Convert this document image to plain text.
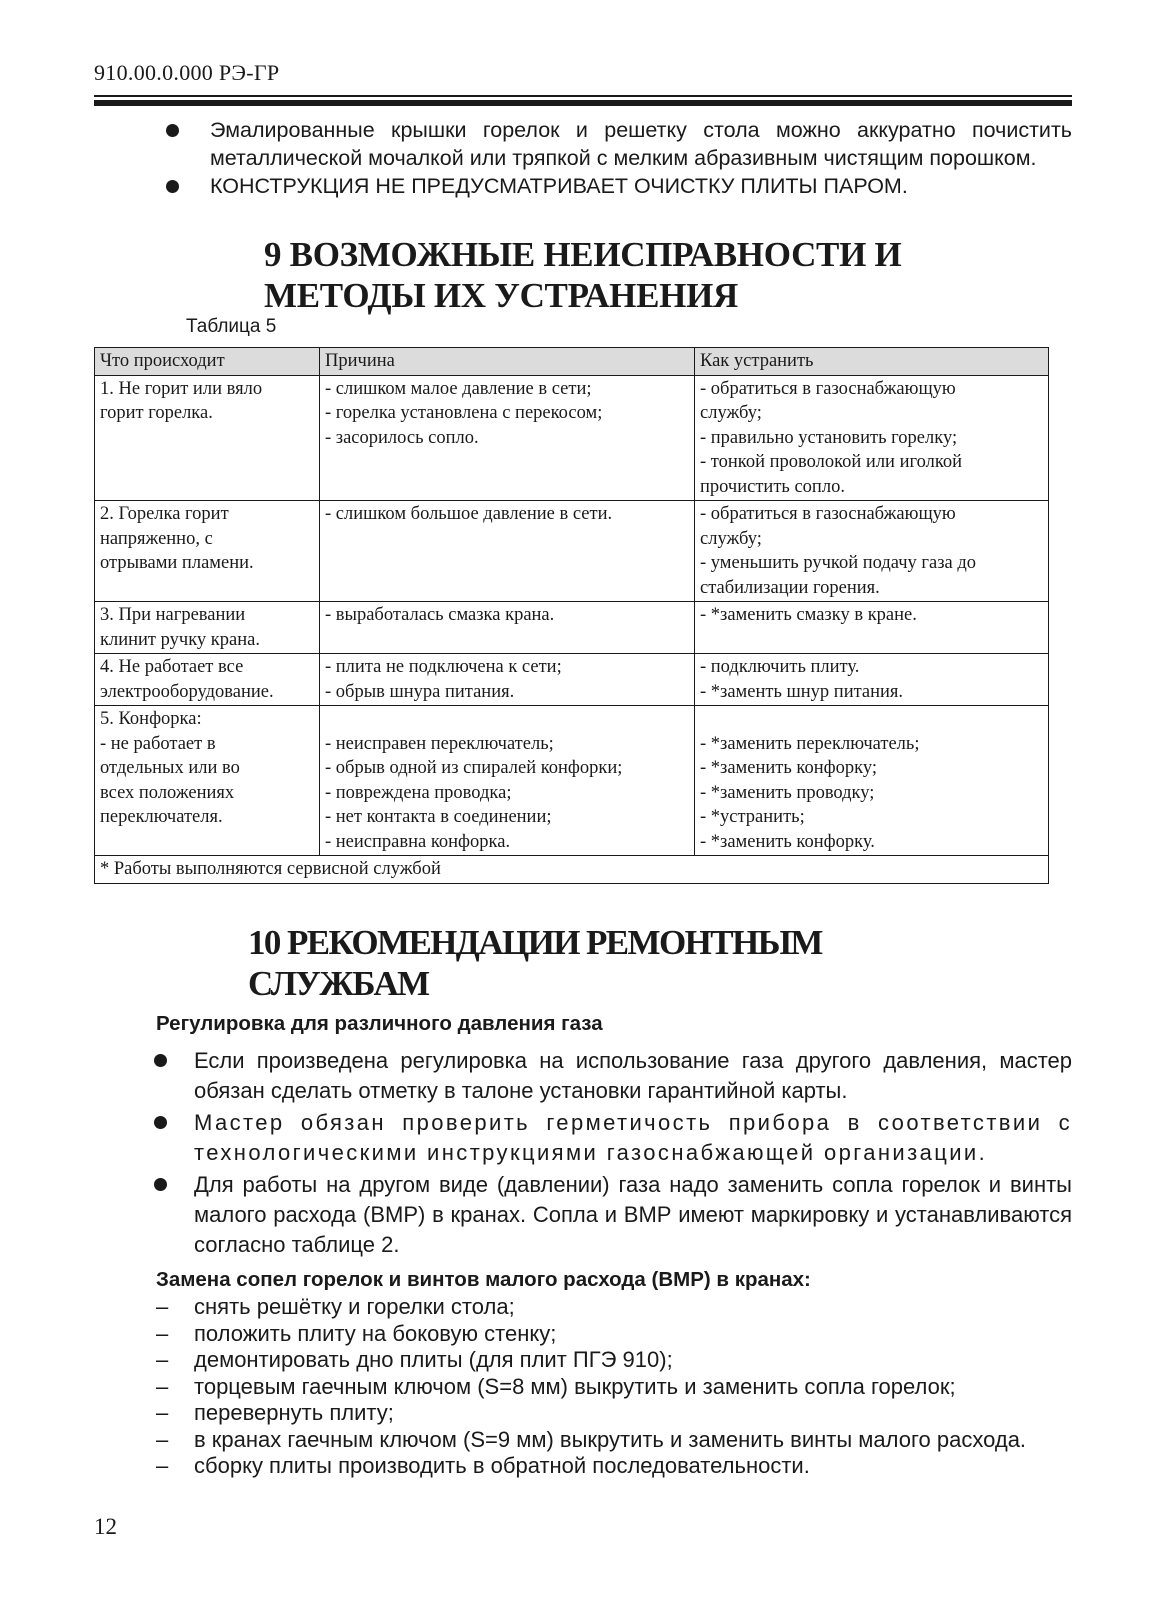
910.00.0.000 РЭ-ГР
Эмалированные крышки горелок и решетку стола можно аккуратно почистить металлической мочалкой или тряпкой с мелким абразивным чистящим порошком.
КОНСТРУКЦИЯ НЕ ПРЕДУСМАТРИВАЕТ ОЧИСТКУ ПЛИТЫ ПАРОМ.
9 ВОЗМОЖНЫЕ НЕИСПРАВНОСТИ И
МЕТОДЫ ИХ УСТРАНЕНИЯ
Таблица 5
Что происходит	Причина	Как устранить

1. Не горит или вяло
горит горелка.	- слишком малое давление в сети;
- горелка установлена с перекосом;
- засорилось сопло.	- обратиться в газоснабжающую
службу;
- правильно установить горелку;
- тонкой проволокой или иголкой
прочистить сопло.

2. Горелка горит
напряженно, с
отрывами пламени.	- слишком большое давление в сети.	- обратиться в газоснабжающую
службу;
- уменьшить ручкой подачу газа до
стабилизации горения.

3. При нагревании
клинит ручку крана.	- выработалась смазка крана.	- *заменить смазку в кране.

4. Не работает все
электрооборудование.	- плита не подключена к сети;
- обрыв шнура питания.	- подключить плиту.
- *заменть шнур питания.

5. Конфорка:
- не работает в
отдельных или во
всех положениях
переключателя.	- неисправен переключатель;
- обрыв одной из спиралей конфорки;
- повреждена проводка;
- нет контакта в соединении;
- неисправна конфорка.	- *заменить переключатель;
- *заменить конфорку;
- *заменить проводку;
- *устранить;
- *заменить конфорку.

* Работы выполняются сервисной службой		
10 РЕКОМЕНДАЦИИ РЕМОНТНЫМ
СЛУЖБАМ
Регулировка для различного давления газа
Если произведена регулировка на использование газа другого давления, мастер обязан сделать отметку в талоне установки гарантийной карты.
Мастер обязан проверить герметичость прибора в соответствии с технологическими инструкциями газоснабжающей организации.
Для работы на другом виде (давлении) газа надо заменить сопла горелок и винты малого расхода (ВМР) в кранах. Сопла и ВМР имеют маркировку и устанавливаются согласно таблице 2.
Замена сопел горелок и винтов малого расхода (ВМР) в кранах:
– снять решётку и горелки стола;
– положить плиту на боковую стенку;
– демонтировать дно плиты (для плит ПГЭ 910);
– торцевым гаечным ключом (S=8 мм) выкрутить и заменить сопла горелок;
– перевернуть плиту;
– в кранах гаечным ключом (S=9 мм) выкрутить и заменить винты малого расхода.
– сборку плиты производить в обратной последовательности.
12
